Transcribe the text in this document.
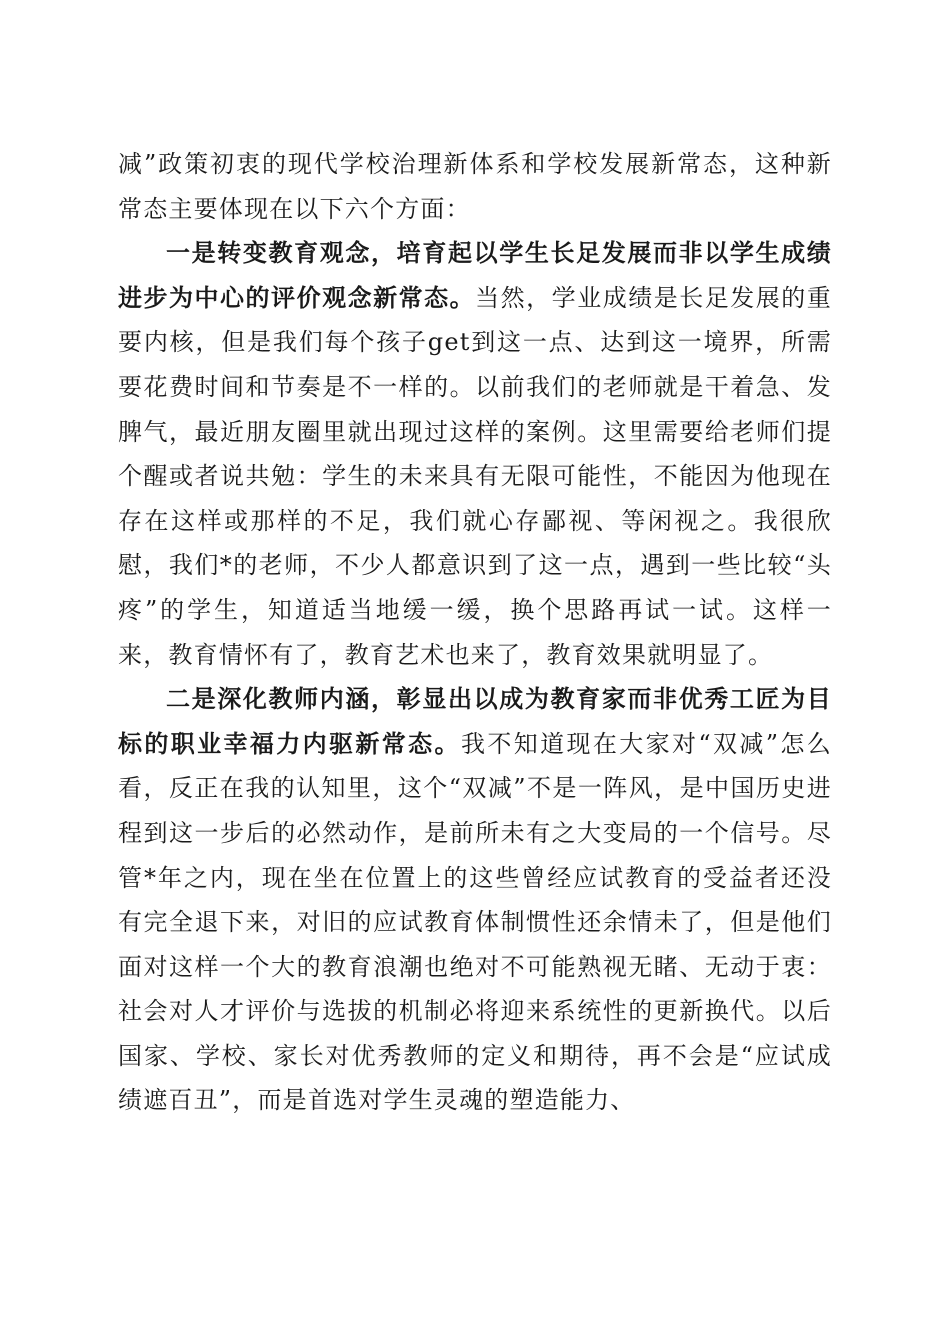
减”政策初衷的现代学校治理新体系和学校发展新常态，这种新常态主要体现在以下六个方面：

一是转变教育观念，培育起以学生长足发展而非以学生成绩进步为中心的评价观念新常态。当然，学业成绩是长足发展的重要内核，但是我们每个孩子get到这一点、达到这一境界，所需要花费时间和节奏是不一样的。以前我们的老师就是干着急、发脾气，最近朋友圈里就出现过这样的案例。这里需要给老师们提个醒或者说共勉：学生的未来具有无限可能性，不能因为他现在存在这样或那样的不足，我们就心存鄙视、等闲视之。我很欣慰，我们*的老师，不少人都意识到了这一点，遇到一些比较“头疼”的学生，知道适当地缓一缓，换个思路再试一试。这样一来，教育情怀有了，教育艺术也来了，教育效果就明显了。

二是深化教师内涵，彰显出以成为教育家而非优秀工匠为目标的职业幸福力内驱新常态。我不知道现在大家对“双减”怎么看，反正在我的认知里，这个“双减”不是一阵风，是中国历史进程到这一步后的必然动作，是前所未有之大变局的一个信号。尽管*年之内，现在坐在位置上的这些曾经应试教育的受益者还没有完全退下来，对旧的应试教育体制惯性还余情未了，但是他们面对这样一个大的教育浪潮也绝对不可能熟视无睹、无动于衷：社会对人才评价与选拔的机制必将迎来系统性的更新换代。以后国家、学校、家长对优秀教师的定义和期待，再不会是“应试成绩遮百丑”，而是首选对学生灵魂的塑造能力、
